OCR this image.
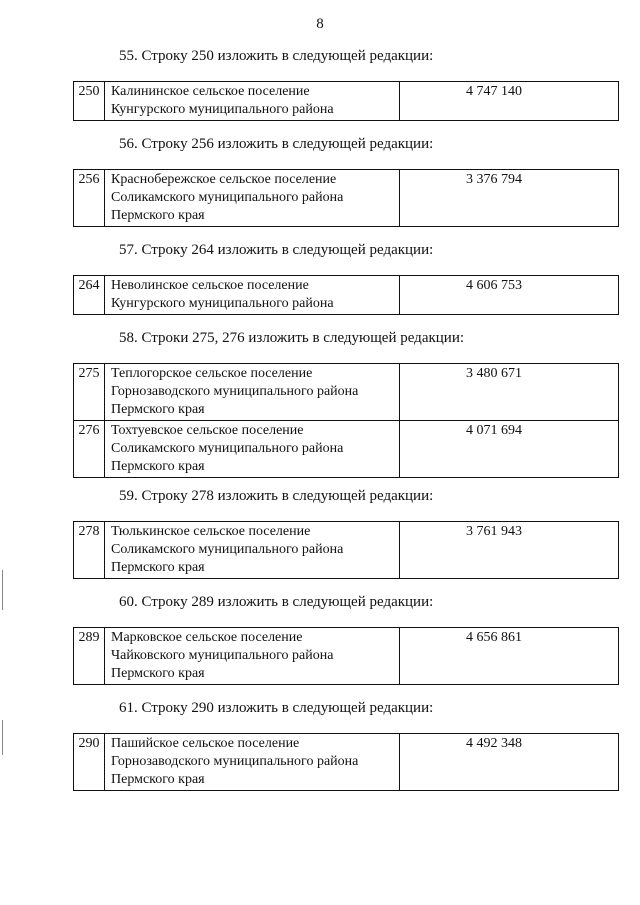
8
55. Строку 250 изложить в следующей редакции:
250	Калининское сельское поселение
Кунгурского муниципального района
	4 747 140
56. Строку 256 изложить в следующей редакции:
256	Краснобережское сельское поселение
Соликамского муниципального района
Пермского края
	3 376 794
57. Строку 264 изложить в следующей редакции:
264	Неволинское сельское поселение
Кунгурского муниципального района
	4 606 753
58. Строки 275, 276 изложить в следующей редакции:
275	Теплогорское сельское поселение
Горнозаводского муниципального района
Пермского края	3 480 671
276	Тохтуевское сельское поселение
Соликамского муниципального района
Пермского края	4 071 694
59. Строку 278 изложить в следующей редакции:
278	Тюлькинское сельское поселение
Соликамского муниципального района
Пермского края
	3 761 943
60. Строку 289 изложить в следующей редакции:
289	Марковское сельское поселение
Чайковского муниципального района
Пермского края
	4 656 861
61. Строку 290 изложить в следующей редакции:
290	Пашийское сельское поселение
Горнозаводского муниципального района
Пермского края
	4 492 348
